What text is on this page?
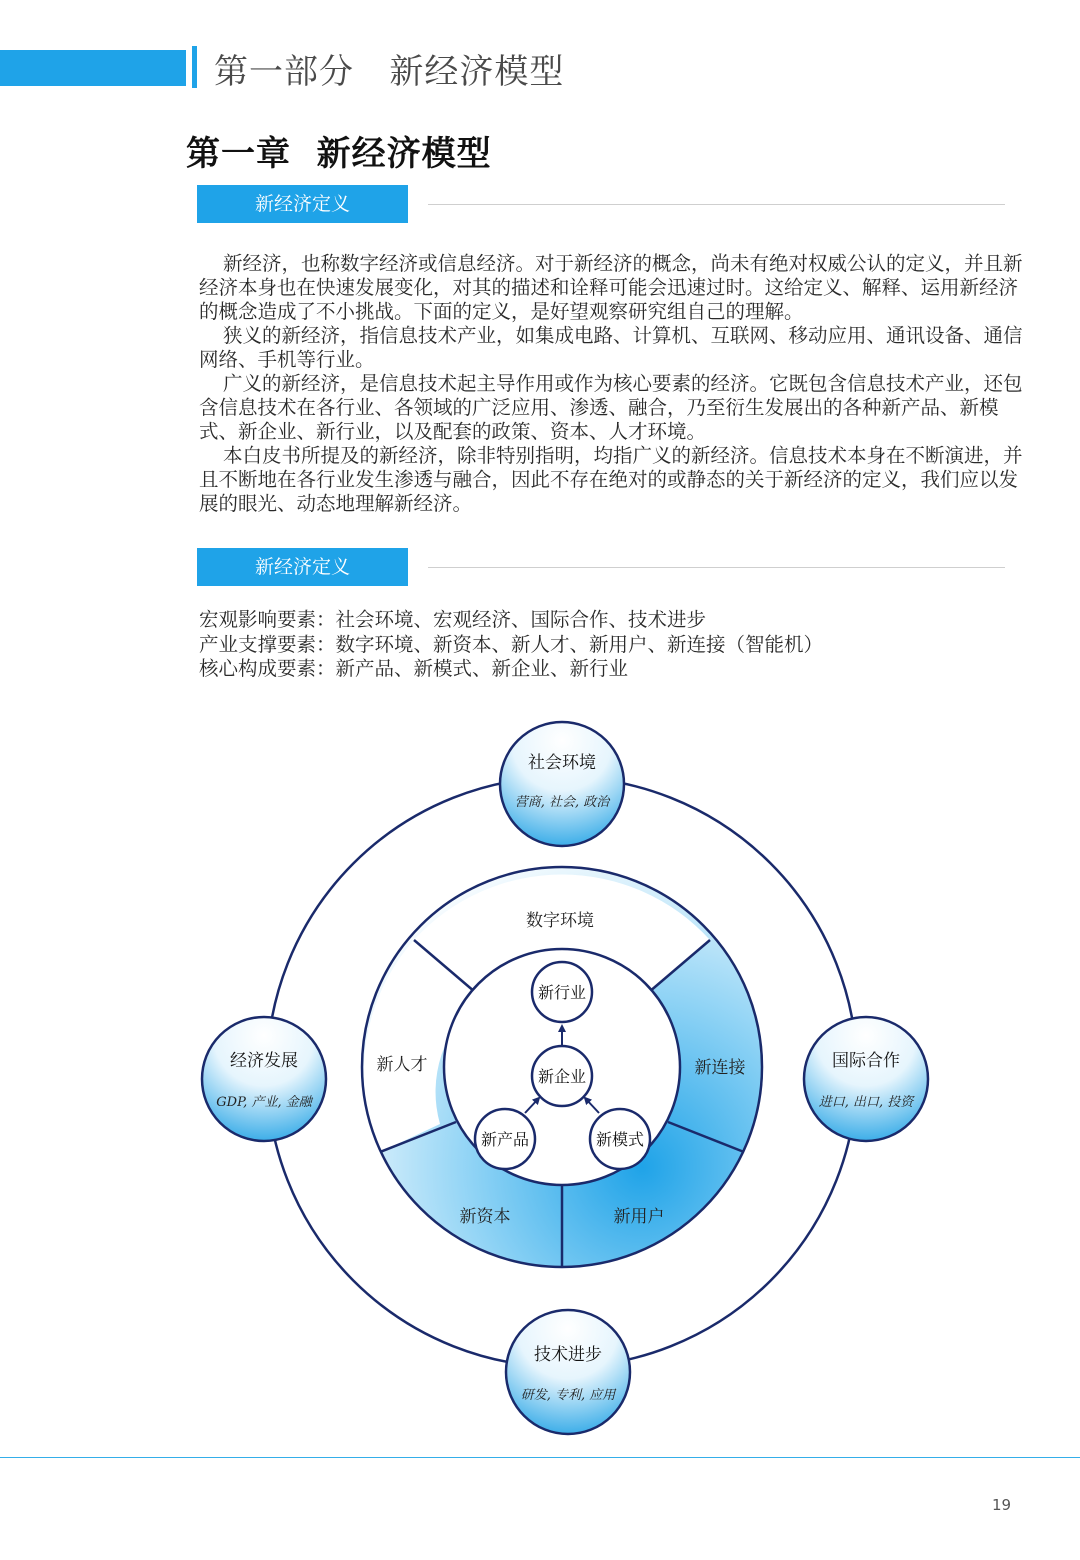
第一部分   新经济模型
第一章  新经济模型
新经济定义

新经济，也称数字经济或信息经济。对于新经济的概念，尚未有绝对权威公认的定义，并且新经济本身也在快速发展变化，对其的描述和诠释可能会迅速过时。这给定义、解释、运用新经济的概念造成了不小挑战。下面的定义，是好望观察研究组自己的理解。

狭义的新经济，指信息技术产业，如集成电路、计算机、互联网、移动应用、通讯设备、通信网络、手机等行业。

广义的新经济，是信息技术起主导作用或作为核心要素的经济。它既包含信息技术产业，还包含信息技术在各行业、各领域的广泛应用、渗透、融合，乃至衍生发展出的各种新产品、新模式、新企业、新行业，以及配套的政策、资本、人才环境。

本白皮书所提及的新经济，除非特别指明，均指广义的新经济。信息技术本身在不断演进，并且不断地在各行业发生渗透与融合，因此不存在绝对的或静态的关于新经济的定义，我们应以发展的眼光、动态地理解新经济。

新经济定义
宏观影响要素：社会环境、宏观经济、国际合作、技术进步
产业支撑要素：数字环境、新资本、新人才、新用户、新连接（智能机）
核心构成要素：新产品、新模式、新企业、新行业
数字环境
新人才	新连接
新资本	新用户
新行业
新企业
新产品	新模式
社会环境
营商, 社会, 政治
经济发展
GDP, 产业, 金融
国际合作
进口, 出口, 投资
技术进步
研发, 专利, 应用
19
